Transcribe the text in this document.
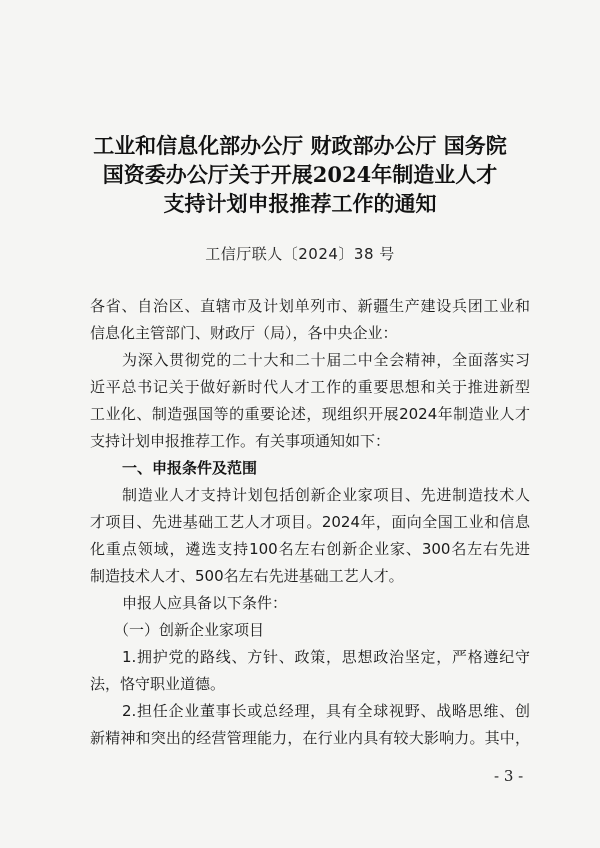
工业和信息化部办公厅 财政部办公厅 国务院
国资委办公厅关于开展2024年制造业人才
支持计划申报推荐工作的通知
工信厅联人〔2024〕38 号
各省、自治区、直辖市及计划单列市、新疆生产建设兵团工业和
信息化主管部门、财政厅（局），各中央企业：
为深入贯彻党的二十大和二十届二中全会精神，全面落实习
近平总书记关于做好新时代人才工作的重要思想和关于推进新型
工业化、制造强国等的重要论述，现组织开展2024年制造业人才
支持计划申报推荐工作。有关事项通知如下：
一、申报条件及范围
制造业人才支持计划包括创新企业家项目、先进制造技术人
才项目、先进基础工艺人才项目。2024年，面向全国工业和信息
化重点领域，遴选支持100名左右创新企业家、300名左右先进
制造技术人才、500名左右先进基础工艺人才。
申报人应具备以下条件：
（一）创新企业家项目
1.拥护党的路线、方针、政策，思想政治坚定，严格遵纪守
法，恪守职业道德。
2.担任企业董事长或总经理，具有全球视野、战略思维、创
新精神和突出的经营管理能力，在行业内具有较大影响力。其中，
- 3 -
